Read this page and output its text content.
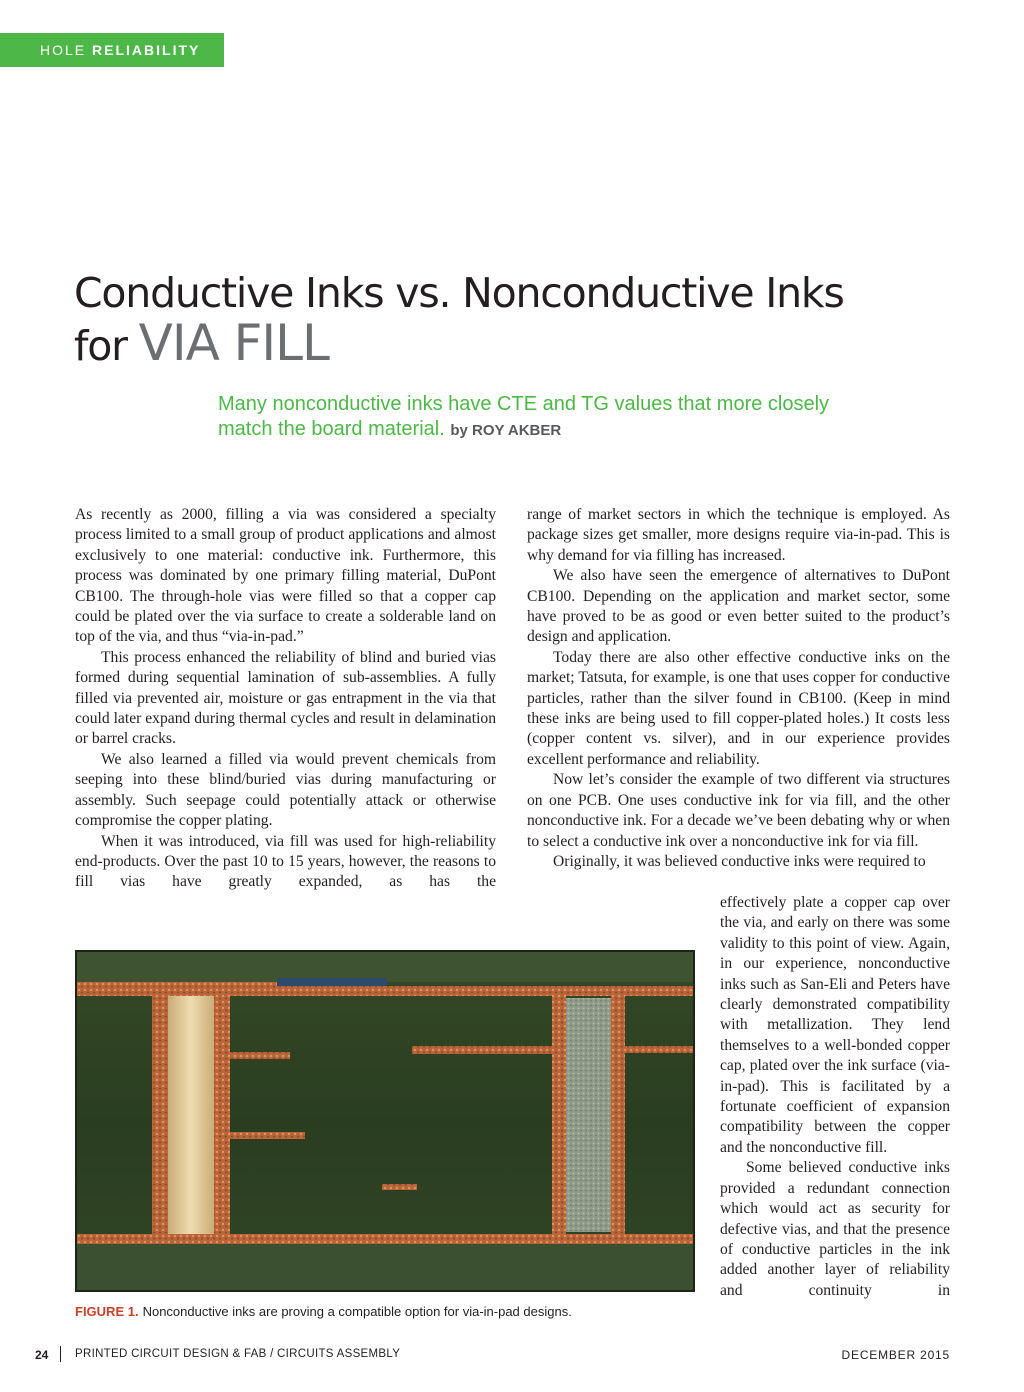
HOLE RELIABILITY
Conductive Inks vs. Nonconductive Inks
for VIA FILL

Many nonconductive inks have CTE and TG values that more closely match the board material. by ROY AKBER

As recently as 2000, filling a via was considered a specialty process limited to a small group of product applications and almost exclusively to one material: conductive ink. Furthermore, this process was dominated by one primary filling material, DuPont CB100. The through-hole vias were filled so that a copper cap could be plated over the via surface to create a solderable land on top of the via, and thus “via-in-pad.”

This process enhanced the reliability of blind and buried vias formed during sequential lamination of sub-assemblies. A fully filled via prevented air, moisture or gas entrapment in the via that could later expand during thermal cycles and result in delamination or barrel cracks.

We also learned a filled via would prevent chemicals from seeping into these blind/buried vias during manufacturing or assembly. Such seepage could potentially attack or otherwise compromise the copper plating.

When it was introduced, via fill was used for high-reliability end-products. Over the past 10 to 15 years, however, the reasons to fill vias have greatly expanded, as has the

range of market sectors in which the technique is employed. As package sizes get smaller, more designs require via-in-pad. This is why demand for via filling has increased.

We also have seen the emergence of alternatives to DuPont CB100. Depending on the application and market sector, some have proved to be as good or even better suited to the product’s design and application.

Today there are also other effective conductive inks on the market; Tatsuta, for example, is one that uses copper for conductive particles, rather than the silver found in CB100. (Keep in mind these inks are being used to fill copper-plated holes.) It costs less (copper content vs. silver), and in our experience provides excellent performance and reliability.

Now let’s consider the example of two different via structures on one PCB. One uses conductive ink for via fill, and the other nonconductive ink. For a decade we’ve been debating why or when to select a conductive ink over a nonconductive ink for via fill.

Originally, it was believed conductive inks were required to

effectively plate a copper cap over the via, and early on there was some validity to this point of view. Again, in our experience, nonconductive inks such as San-Eli and Peters have clearly demonstrated compatibility with metallization. They lend themselves to a well-bonded copper cap, plated over the ink surface (via-in-pad). This is facilitated by a fortunate coefficient of expansion compatibility between the copper and the nonconductive fill.

Some believed conductive inks provided a redundant connection which would act as security for defective vias, and that the presence of conductive particles in the ink added another layer of reliability and continuity in

FIGURE 1. Nonconductive inks are proving a compatible option for via-in-pad designs.
24 PRINTED CIRCUIT DESIGN & FAB / CIRCUITS ASSEMBLY	DECEMBER 2015
